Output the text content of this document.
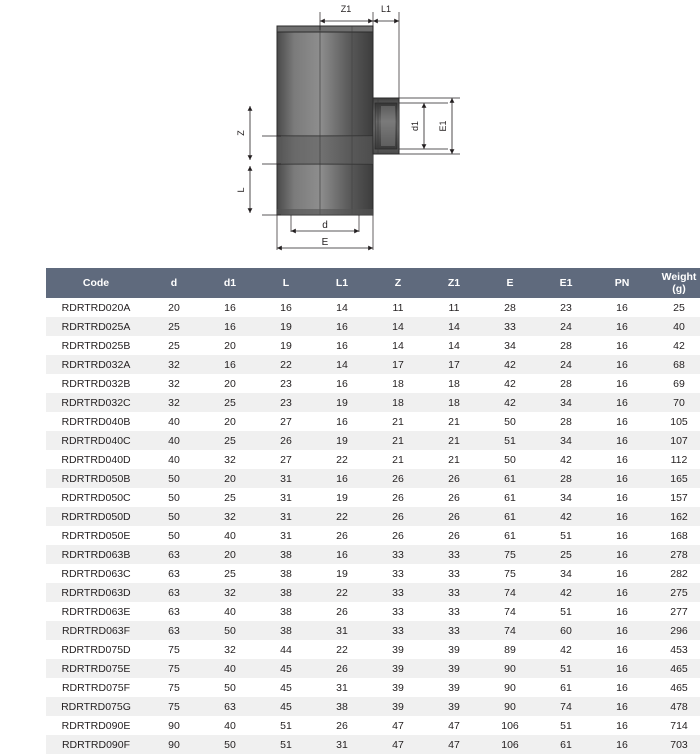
Z1	L1
d1 E1
Z
L
d
E
Code	d	d1	L	L1	Z	Z1	E	E1	PN	Weight
(g)
RDRTRD020A	20	16	16	14	11	11	28	23	16	25
RDRTRD025A	25	16	19	16	14	14	33	24	16	40
RDRTRD025B	25	20	19	16	14	14	34	28	16	42
RDRTRD032A	32	16	22	14	17	17	42	24	16	68
RDRTRD032B	32	20	23	16	18	18	42	28	16	69
RDRTRD032C	32	25	23	19	18	18	42	34	16	70
RDRTRD040B	40	20	27	16	21	21	50	28	16	105
RDRTRD040C	40	25	26	19	21	21	51	34	16	107
RDRTRD040D	40	32	27	22	21	21	50	42	16	112
RDRTRD050B	50	20	31	16	26	26	61	28	16	165
RDRTRD050C	50	25	31	19	26	26	61	34	16	157
RDRTRD050D	50	32	31	22	26	26	61	42	16	162
RDRTRD050E	50	40	31	26	26	26	61	51	16	168
RDRTRD063B	63	20	38	16	33	33	75	25	16	278
RDRTRD063C	63	25	38	19	33	33	75	34	16	282
RDRTRD063D	63	32	38	22	33	33	74	42	16	275
RDRTRD063E	63	40	38	26	33	33	74	51	16	277
RDRTRD063F	63	50	38	31	33	33	74	60	16	296
RDRTRD075D	75	32	44	22	39	39	89	42	16	453
RDRTRD075E	75	40	45	26	39	39	90	51	16	465
RDRTRD075F	75	50	45	31	39	39	90	61	16	465
RDRTRD075G	75	63	45	38	39	39	90	74	16	478
RDRTRD090E	90	40	51	26	47	47	106	51	16	714
RDRTRD090F	90	50	51	31	47	47	106	61	16	703
